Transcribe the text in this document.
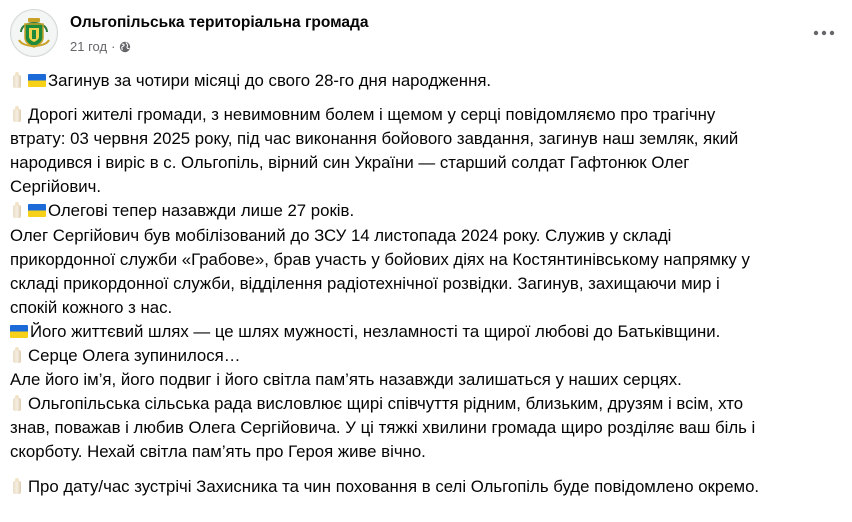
Ольгопільська територіальна громада
21 год ·
Загинув за чотири місяці до свого 28-го дня народження.
Дорогі жителі громади, з невимовним болем і щемом у серці повідомляємо про трагічну
втрату: 03 червня 2025 року, під час виконання бойового завдання, загинув наш земляк, який
народився і виріс в с. Ольгопіль, вірний син України — старший солдат Гафтонюк Олег
Сергійович.
Олегові тепер назавжди лише 27 років.
Олег Сергійович був мобілізований до ЗСУ 14 листопада 2024 року. Служив у складі
прикордонної служби «Грабове», брав участь у бойових діях на Костянтинівському напрямку у
складі прикордонної служби, відділення радіотехнічної розвідки. Загинув, захищаючи мир і
спокій кожного з нас.
Його життєвий шлях — це шлях мужності, незламності та щирої любові до Батьківщини.
Серце Олега зупинилося…
Але його ім’я, його подвиг і його світла пам’ять назавжди залишаться у наших серцях.
Ольгопільська сільська рада висловлює щирі співчуття рідним, близьким, друзям і всім, хто
знав, поважав і любив Олега Сергійовича. У ці тяжкі хвилини громада щиро розділяє ваш біль і
скорботу. Нехай світла пам’ять про Героя живе вічно.
Про дату/час зустрічі Захисника та чин поховання в селі Ольгопіль буде повідомлено окремо.
